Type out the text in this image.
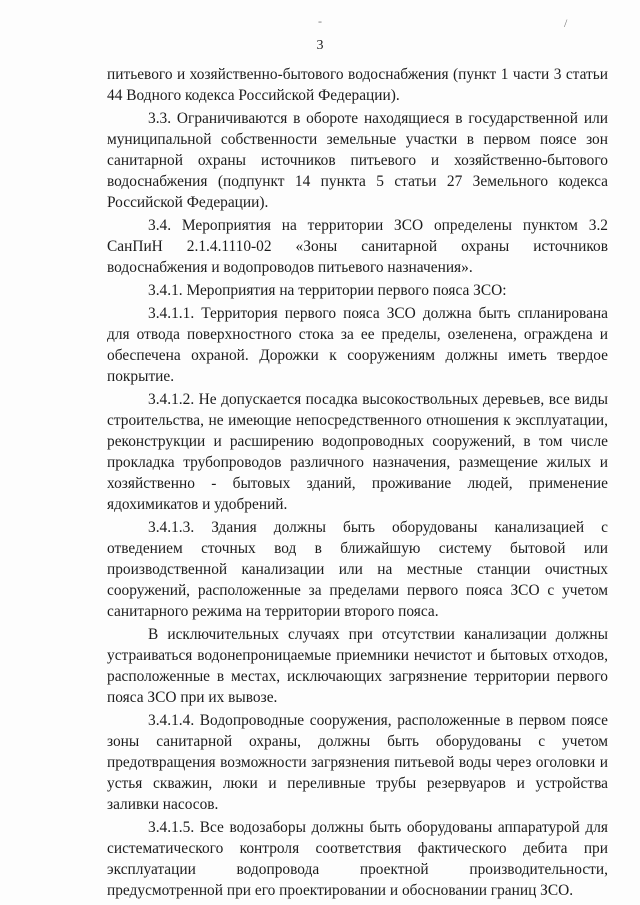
-	/
3

питьевого и хозяйственно-бытового водоснабжения (пункт 1 части 3 статьи 44 Водного кодекса Российской Федерации).

3.3. Ограничиваются в обороте находящиеся в государственной или муниципальной собственности земельные участки в первом поясе зон санитарной охраны источников питьевого и хозяйственно-бытового водоснабжения (подпункт 14 пункта 5 статьи 27 Земельного кодекса Российской Федерации).

3.4. Мероприятия на территории ЗСО определены пунктом 3.2 СанПиН 2.1.4.1110-02 «Зоны санитарной охраны источников водоснабжения и водопроводов питьевого назначения».

3.4.1. Мероприятия на территории первого пояса ЗСО:

3.4.1.1. Территория первого пояса ЗСО должна быть спланирована для отвода поверхностного стока за ее пределы, озеленена, ограждена и обеспечена охраной. Дорожки к сооружениям должны иметь твердое покрытие.

3.4.1.2. Не допускается посадка высокоствольных деревьев, все виды строительства, не имеющие непосредственного отношения к эксплуатации, реконструкции и расширению водопроводных сооружений, в том числе прокладка трубопроводов различного назначения, размещение жилых и хозяйственно - бытовых зданий, проживание людей, применение ядохимикатов и удобрений.

3.4.1.3. Здания должны быть оборудованы канализацией с отведением сточных вод в ближайшую систему бытовой или производственной канализации или на местные станции очистных сооружений, расположенные за пределами первого пояса ЗСО с учетом санитарного режима на территории второго пояса.

В исключительных случаях при отсутствии канализации должны устраиваться водонепроницаемые приемники нечистот и бытовых отходов, расположенные в местах, исключающих загрязнение территории первого пояса ЗСО при их вывозе.

3.4.1.4. Водопроводные сооружения, расположенные в первом поясе зоны санитарной охраны, должны быть оборудованы с учетом предотвращения возможности загрязнения питьевой воды через оголовки и устья скважин, люки и переливные трубы резервуаров и устройства заливки насосов.

3.4.1.5. Все водозаборы должны быть оборудованы аппаратурой для систематического контроля соответствия фактического дебита при эксплуатации водопровода проектной производительности, предусмотренной при его проектировании и обосновании границ ЗСО.
